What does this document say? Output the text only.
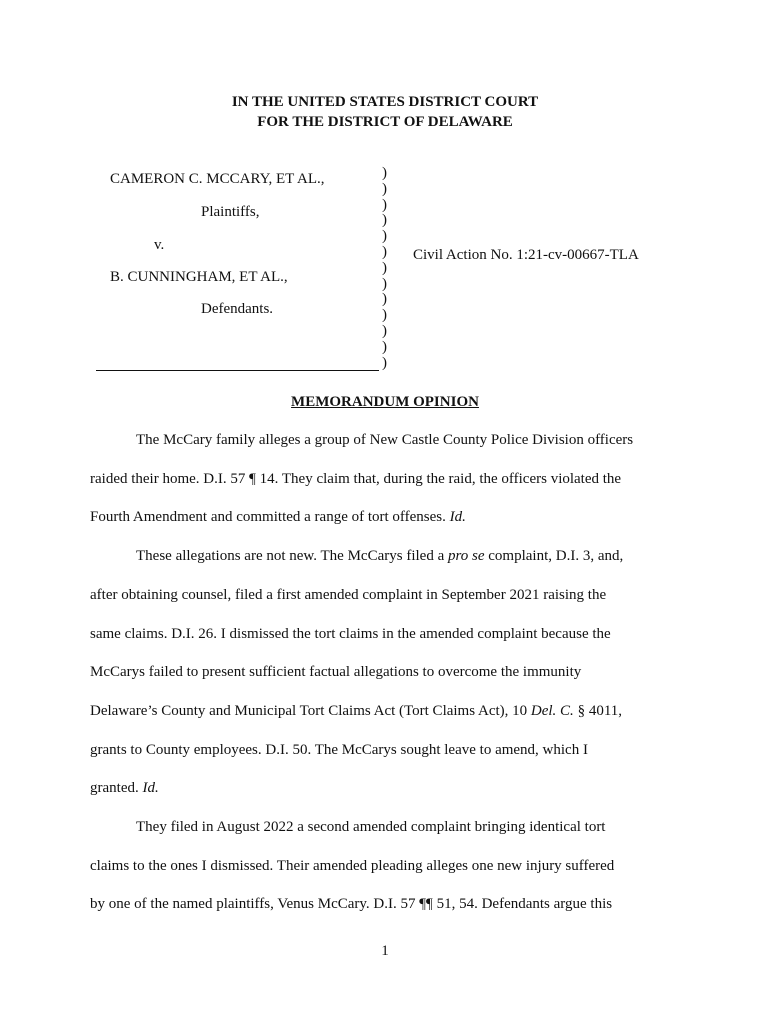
IN THE UNITED STATES DISTRICT COURT
FOR THE DISTRICT OF DELAWARE
CAMERON C. MCCARY, ET AL.,
Plaintiffs,
v.
B. CUNNINGHAM, ET AL.,
Defendants.
Civil Action No. 1:21-cv-00667-TLA
)
)
)
)
)
)
)
)
)
)
)
)
)
MEMORANDUM OPINION
The McCary family alleges a group of New Castle County Police Division officers
raided their home. D.I. 57 ¶ 14. They claim that, during the raid, the officers violated the
Fourth Amendment and committed a range of tort offenses. Id.
These allegations are not new. The McCarys filed a pro se complaint, D.I. 3, and,
after obtaining counsel, filed a first amended complaint in September 2021 raising the
same claims. D.I. 26. I dismissed the tort claims in the amended complaint because the
McCarys failed to present sufficient factual allegations to overcome the immunity
Delaware’s County and Municipal Tort Claims Act (Tort Claims Act), 10 Del. C. § 4011,
grants to County employees. D.I. 50. The McCarys sought leave to amend, which I
granted. Id.
They filed in August 2022 a second amended complaint bringing identical tort
claims to the ones I dismissed. Their amended pleading alleges one new injury suffered
by one of the named plaintiffs, Venus McCary. D.I. 57 ¶¶ 51, 54. Defendants argue this
1
